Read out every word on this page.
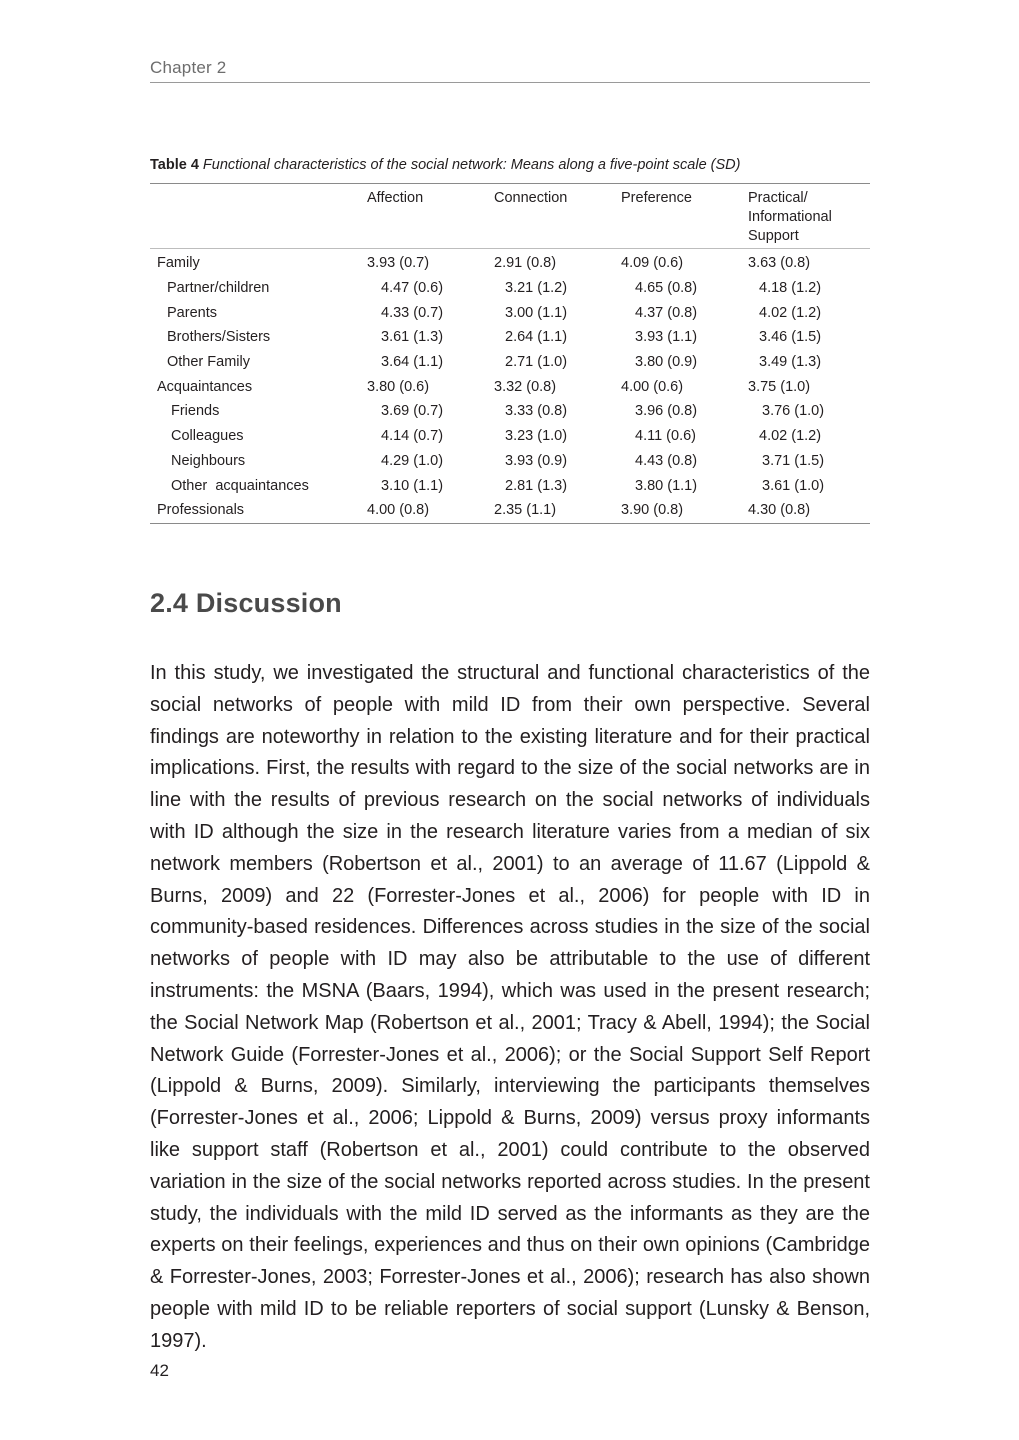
Chapter 2
Table 4 Functional characteristics of the social network: Means along a five-point scale (SD)
	Affection	Connection	Preference	Practical/
Informational
Support
Family	3.93 (0.7)	2.91 (0.8)	4.09 (0.6)	3.63 (0.8)
Partner/children	4.47 (0.6)	3.21 (1.2)	4.65 (0.8)	4.18 (1.2)
Parents	4.33 (0.7)	3.00 (1.1)	4.37 (0.8)	4.02 (1.2)
Brothers/Sisters	3.61 (1.3)	2.64 (1.1)	3.93 (1.1)	3.46 (1.5)
Other Family	3.64 (1.1)	2.71 (1.0)	3.80 (0.9)	3.49 (1.3)
Acquaintances	3.80 (0.6)	3.32 (0.8)	4.00 (0.6)	3.75 (1.0)
Friends	3.69 (0.7)	3.33 (0.8)	3.96 (0.8)	3.76 (1.0)
Colleagues	4.14 (0.7)	3.23 (1.0)	4.11 (0.6)	4.02 (1.2)
Neighbours	4.29 (1.0)	3.93 (0.9)	4.43 (0.8)	3.71 (1.5)
Other  acquaintances	3.10 (1.1)	2.81 (1.3)	3.80 (1.1)	3.61 (1.0)
Professionals	4.00 (0.8)	2.35 (1.1)	3.90 (0.8)	4.30 (0.8)
2.4 Discussion

In this study, we investigated the structural and functional characteristics of the social networks of people with mild ID from their own perspective. Several findings are noteworthy in relation to the existing literature and for their practical implications. First, the results with regard to the size of the social networks are in line with the results of previous research on the social networks of individuals with ID although the size in the research literature varies from a median of six network members (Robertson et al., 2001) to an average of 11.67 (Lippold & Burns, 2009) and 22 (Forrester-Jones et al., 2006) for people with ID in community-based residences. Differences across studies in the size of the social networks of people with ID may also be attributable to the use of different instruments: the MSNA (Baars, 1994), which was used in the present research; the Social Network Map (Robertson et al., 2001; Tracy & Abell, 1994); the Social Network Guide (Forrester-Jones et al., 2006); or the Social Support Self Report (Lippold & Burns, 2009). Similarly, interviewing the participants themselves (Forrester-Jones et al., 2006; Lippold & Burns, 2009) versus proxy informants like support staff (Robertson et al., 2001) could contribute to the observed variation in the size of the social networks reported across studies. In the present study, the individuals with the mild ID served as the informants as they are the experts on their feelings, experiences and thus on their own opinions (Cambridge & Forrester-Jones, 2003; Forrester-Jones et al., 2006); research has also shown people with mild ID to be reliable reporters of social support (Lunsky & Benson, 1997).

42
